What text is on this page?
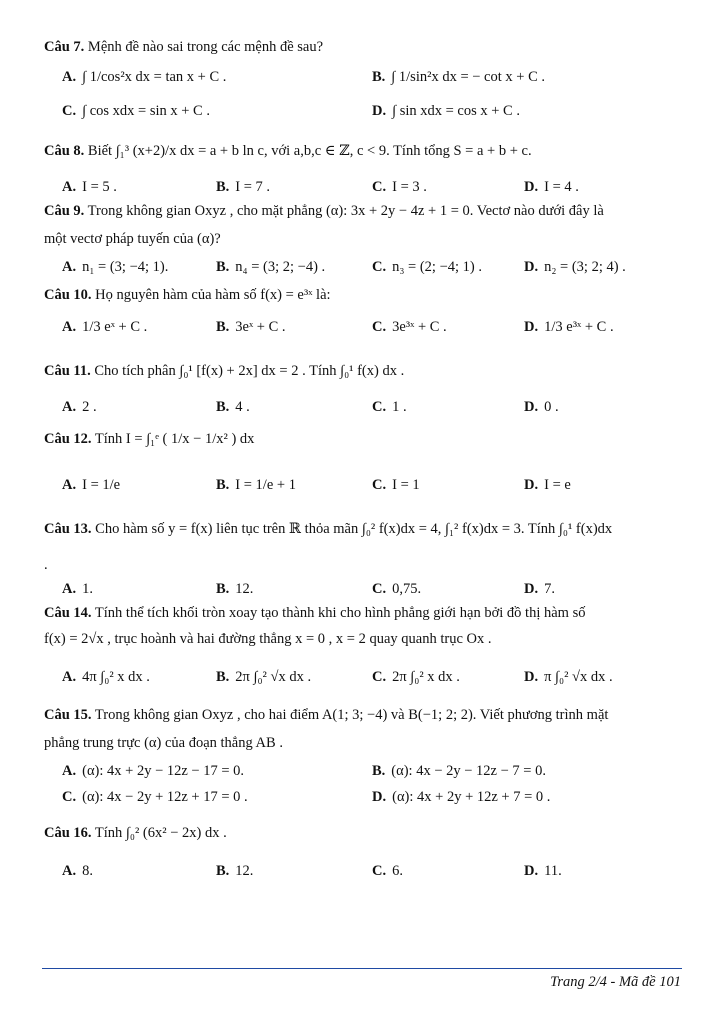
Câu 7. Mệnh đề nào sai trong các mệnh đề sau?
A. ∫ 1/cos²x dx = tan x + C .	B. ∫ 1/sin²x dx = − cot x + C .
C. ∫ cos xdx = sin x + C .	D. ∫ sin xdx = cos x + C .
Câu 8. Biết ∫₁³ (x+2)/x dx = a + b ln c, với a,b,c ∈ ℤ, c < 9. Tính tổng S = a + b + c.
A. I = 5 .	B. I = 7 .	C. I = 3 .	D. I = 4 .
Câu 9. Trong không gian Oxyz , cho mặt phẳng (α): 3x + 2y − 4z + 1 = 0. Vectơ nào dưới đây là
một vectơ pháp tuyến của (α)?
A. n₁ = (3; −4; 1).	B. n₄ = (3; 2; −4) .	C. n₃ = (2; −4; 1) .	D. n₂ = (3; 2; 4) .
Câu 10. Họ nguyên hàm của hàm số f(x) = e³ˣ là:
A. 1/3 eˣ + C .	B. 3eˣ + C .	C. 3e³ˣ + C .	D. 1/3 e³ˣ + C .
Câu 11. Cho tích phân ∫₀¹ [f(x) + 2x] dx = 2 . Tính ∫₀¹ f(x) dx .
A. 2 .	B. 4 .	C. 1 .	D. 0 .
Câu 12. Tính I = ∫₁ᵉ ( 1/x − 1/x² ) dx
A. I = 1/e	B. I = 1/e + 1	C. I = 1	D. I = e
Câu 13. Cho hàm số y = f(x) liên tục trên ℝ thỏa mãn ∫₀² f(x)dx = 4, ∫₁² f(x)dx = 3. Tính ∫₀¹ f(x)dx
.
A. 1.	B. 12.	C. 0,75.	D. 7.
Câu 14. Tính thể tích khối tròn xoay tạo thành khi cho hình phẳng giới hạn bởi đồ thị hàm số
f(x) = 2√x , trục hoành và hai đường thẳng x = 0 , x = 2 quay quanh trục Ox .
A. 4π ∫₀² x dx .	B. 2π ∫₀² √x dx .	C. 2π ∫₀² x dx .	D. π ∫₀² √x dx .
Câu 15. Trong không gian Oxyz , cho hai điểm A(1; 3; −4) và B(−1; 2; 2). Viết phương trình mặt
phẳng trung trực (α) của đoạn thẳng AB .
A. (α): 4x + 2y − 12z − 17 = 0.	B. (α): 4x − 2y − 12z − 7 = 0.
C. (α): 4x − 2y + 12z + 17 = 0 .	D. (α): 4x + 2y + 12z + 7 = 0 .
Câu 16. Tính ∫₀² (6x² − 2x) dx .
A. 8.	B. 12.	C. 6.	D. 11.
Trang 2/4 - Mã đề 101
